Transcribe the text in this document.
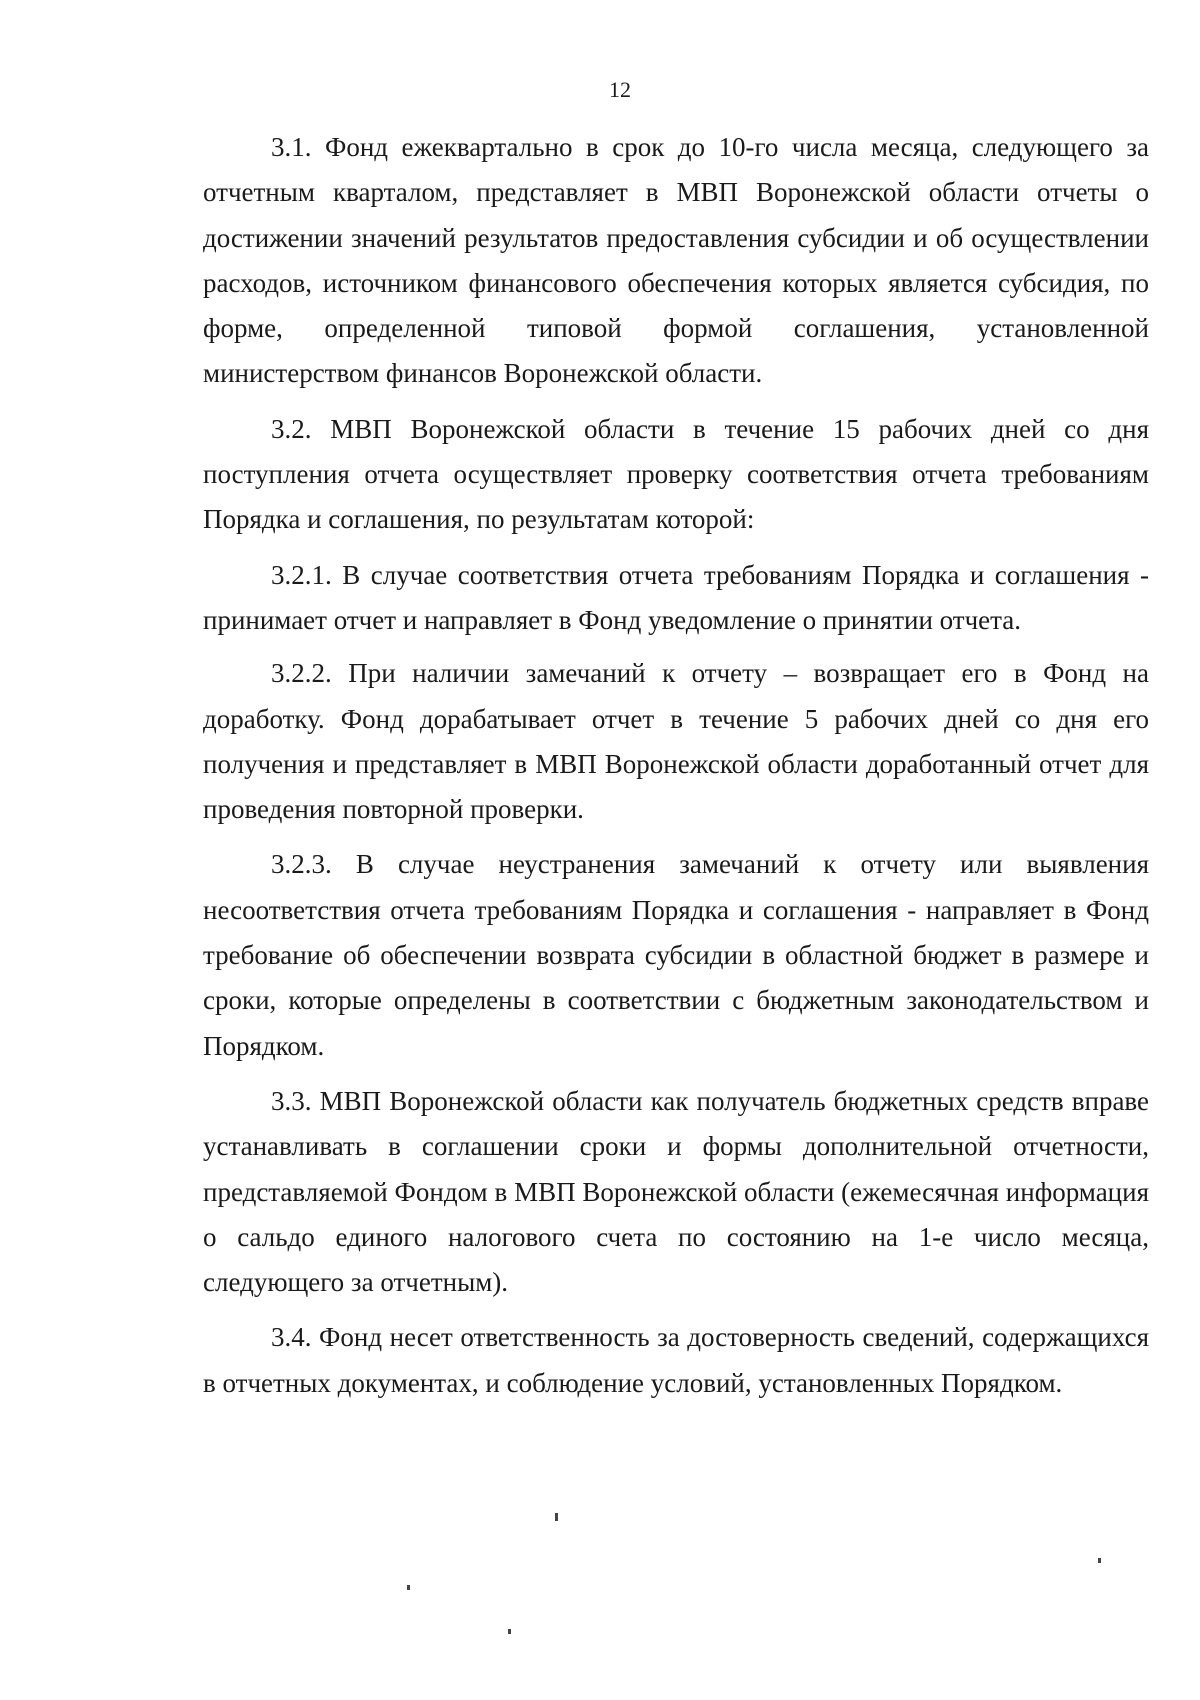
12

3.1. Фонд ежеквартально в срок до 10-го числа месяца, следующего за отчетным кварталом, представляет в МВП Воронежской области отчеты о достижении значений результатов предоставления субсидии и об осуществлении расходов, источником финансового обеспечения которых является субсидия, по форме, определенной типовой формой соглашения, установленной министерством финансов Воронежской области.

3.2. МВП Воронежской области в течение 15 рабочих дней со дня поступления отчета осуществляет проверку соответствия отчета требованиям Порядка и соглашения, по результатам которой:

3.2.1. В случае соответствия отчета требованиям Порядка и соглашения - принимает отчет и направляет в Фонд уведомление о принятии отчета.

3.2.2. При наличии замечаний к отчету – возвращает его в Фонд на доработку. Фонд дорабатывает отчет в течение 5 рабочих дней со дня его получения и представляет в МВП Воронежской области доработанный отчет для проведения повторной проверки.

3.2.3. В случае неустранения замечаний к отчету или выявления несоответствия отчета требованиям Порядка и соглашения - направляет в Фонд требование об обеспечении возврата субсидии в областной бюджет в размере и сроки, которые определены в соответствии с бюджетным законодательством и Порядком.

3.3. МВП Воронежской области как получатель бюджетных средств вправе устанавливать в соглашении сроки и формы дополнительной отчетности, представляемой Фондом в МВП Воронежской области (ежемесячная информация о сальдо единого налогового счета по состоянию на 1-е число месяца, следующего за отчетным).

3.4. Фонд несет ответственность за достоверность сведений, содержащихся в отчетных документах, и соблюдение условий, установленных Порядком.
